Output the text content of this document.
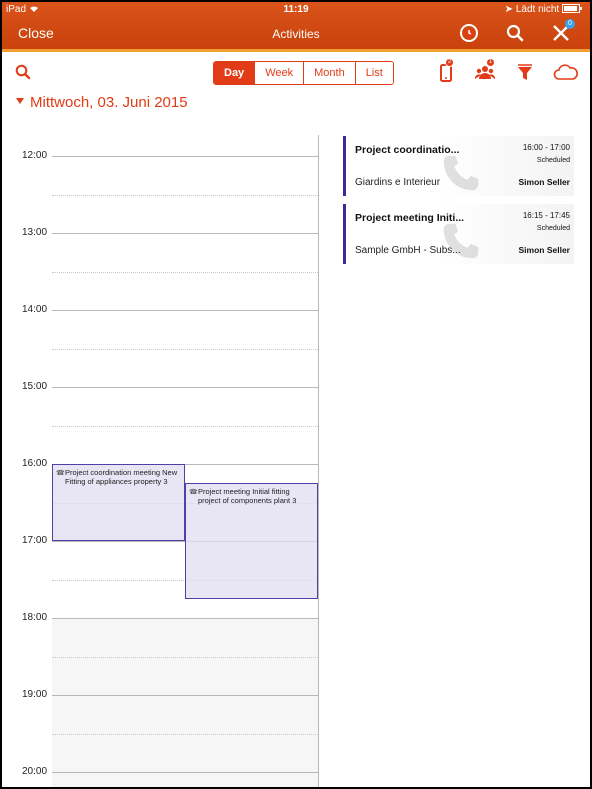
iPad	11:19	➤ Lädt nicht
Close	Activities
0
Day	Week	Month	List
2	1
Mittwoch, 03. Juni 2015
12:00
13:00
14:00
15:00
16:00
17:00
18:00
19:00
20:00
☎ Project coordination meeting New Fitting of appliances property 3
☎ Project meeting Initial fitting project of components plant 3
Project coordinatio...	16:00 - 17:00
Scheduled
Giardins e Interieur	Simon Seller
Project meeting Initi...	16:15 - 17:45
Scheduled
Sample GmbH - Subs...	Simon Seller
